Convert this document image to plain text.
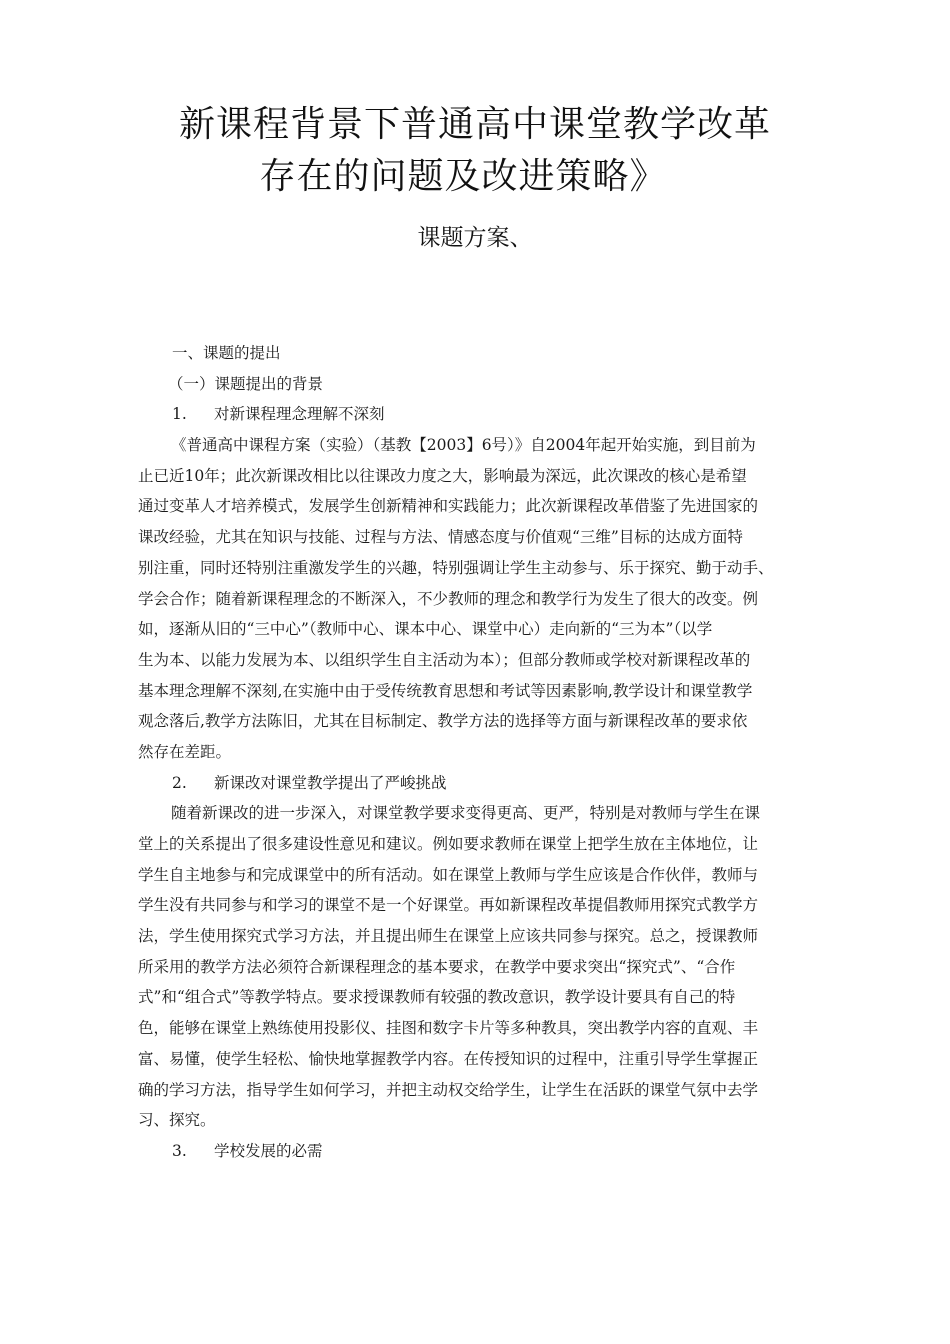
新课程背景下普通高中课堂教学改革
存在的问题及改进策略》
课题方案、
一、课题的提出
（一）课题提出的背景
1. 对新课程理念理解不深刻
《普通高中课程方案（实验）（基教【2003】6号）》自2004年起开始实施，到目前为
止已近10年；此次新课改相比以往课改力度之大，影响最为深远，此次课改的核心是希望
通过变革人才培养模式，发展学生创新精神和实践能力；此次新课程改革借鉴了先进国家的
课改经验，尤其在知识与技能、过程与方法、情感态度与价值观“三维”目标的达成方面特
别注重，同时还特别注重激发学生的兴趣，特别强调让学生主动参与、乐于探究、勤于动手、
学会合作；随着新课程理念的不断深入，不少教师的理念和教学行为发生了很大的改变。例
如，逐渐从旧的“三中心”（教师中心、课本中心、课堂中心）走向新的“三为本”（以学
生为本、以能力发展为本、以组织学生自主活动为本）；但部分教师或学校对新课程改革的
基本理念理解不深刻,在实施中由于受传统教育思想和考试等因素影响,教学设计和课堂教学
观念落后,教学方法陈旧，尤其在目标制定、教学方法的选择等方面与新课程改革的要求依
然存在差距。
2. 新课改对课堂教学提出了严峻挑战
随着新课改的进一步深入，对课堂教学要求变得更高、更严，特别是对教师与学生在课
堂上的关系提出了很多建设性意见和建议。例如要求教师在课堂上把学生放在主体地位，让
学生自主地参与和完成课堂中的所有活动。如在课堂上教师与学生应该是合作伙伴，教师与
学生没有共同参与和学习的课堂不是一个好课堂。再如新课程改革提倡教师用探究式教学方
法，学生使用探究式学习方法，并且提出师生在课堂上应该共同参与探究。总之，授课教师
所采用的教学方法必须符合新课程理念的基本要求，在教学中要求突出“探究式”、“合作
式”和“组合式”等教学特点。要求授课教师有较强的教改意识，教学设计要具有自己的特
色，能够在课堂上熟练使用投影仪、挂图和数字卡片等多种教具，突出教学内容的直观、丰
富、易懂，使学生轻松、愉快地掌握教学内容。在传授知识的过程中，注重引导学生掌握正
确的学习方法，指导学生如何学习，并把主动权交给学生，让学生在活跃的课堂气氛中去学
习、探究。
3. 学校发展的必需
